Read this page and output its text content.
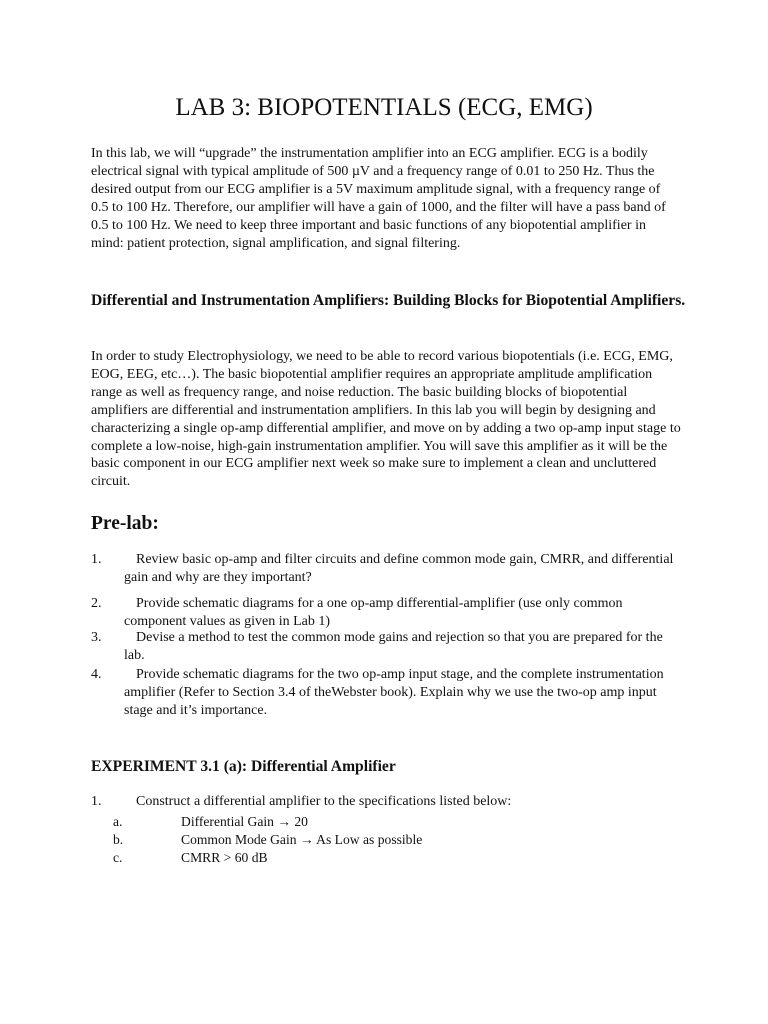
LAB 3: BIOPOTENTIALS (ECG, EMG)

In this lab, we will “upgrade” the instrumentation amplifier into an ECG amplifier. ECG is a bodily electrical signal with typical amplitude of 500 µV and a frequency range of 0.01 to 250 Hz. Thus the desired output from our ECG amplifier is a 5V maximum amplitude signal, with a frequency range of 0.5 to 100 Hz. Therefore, our amplifier will have a gain of 1000, and the filter will have a pass band of 0.5 to 100 Hz. We need to keep three important and basic functions of any biopotential amplifier in mind: patient protection, signal amplification, and signal filtering.

Differential and Instrumentation Amplifiers: Building Blocks for Biopotential Amplifiers.

In order to study Electrophysiology, we need to be able to record various biopotentials (i.e. ECG, EMG, EOG, EEG, etc…). The basic biopotential amplifier requires an appropriate amplitude amplification range as well as frequency range, and noise reduction. The basic building blocks of biopotential amplifiers are differential and instrumentation amplifiers. In this lab you will begin by designing and characterizing a single op-amp differential amplifier, and move on by adding a two op-amp input stage to complete a low-noise, high-gain instrumentation amplifier. You will save this amplifier as it will be the basic component in our ECG amplifier next week so make sure to implement a clean and uncluttered circuit.

Pre-lab:
1.	Review basic op-amp and filter circuits and define common mode gain, CMRR, and differential gain and why are they important?
2.	Provide schematic diagrams for a one op-amp differential-amplifier (use only common component values as given in Lab 1)
3.	Devise a method to test the common mode gains and rejection so that you are prepared for the lab.
4.	Provide schematic diagrams for the two op-amp input stage, and the complete instrumentation amplifier (Refer to Section 3.4 of theWebster book). Explain why we use the two-op amp input stage and it’s importance.

EXPERIMENT 3.1 (a): Differential Amplifier

1.	Construct a differential amplifier to the specifications listed below:
a.	Differential Gain → 20
b.	Common Mode Gain → As Low as possible
c.	CMRR > 60 dB
